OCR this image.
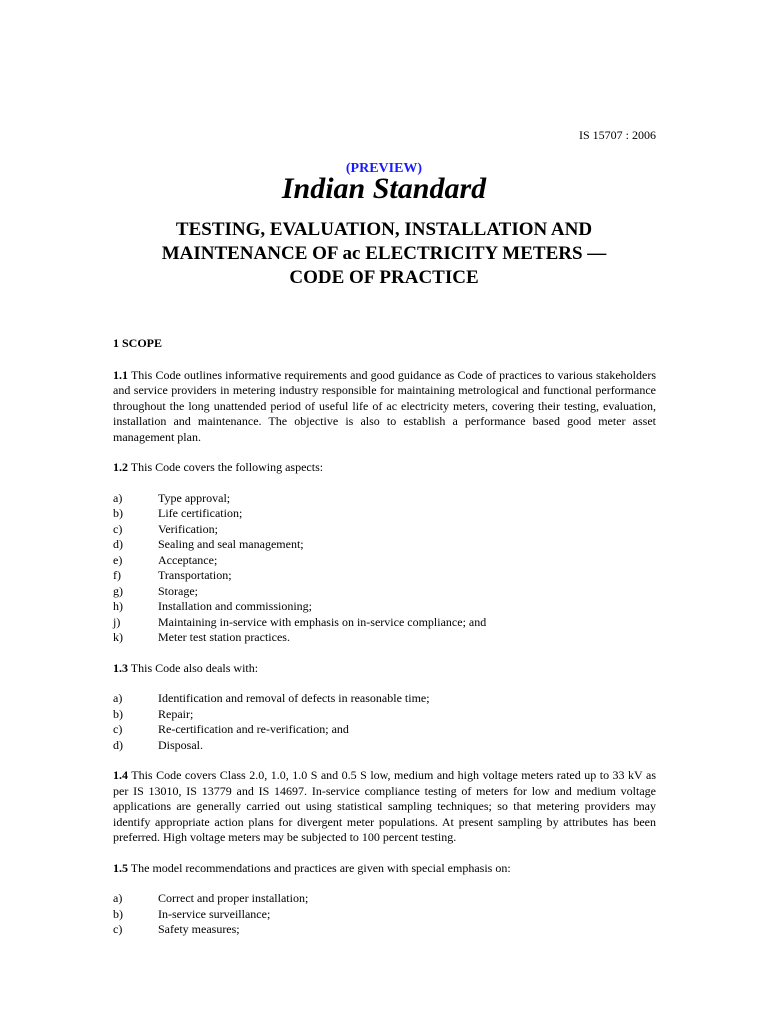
IS 15707 : 2006
(PREVIEW)
Indian Standard
TESTING, EVALUATION, INSTALLATION AND
MAINTENANCE OF ac ELECTRICITY METERS —
CODE OF PRACTICE
1 SCOPE

1.1 This Code outlines informative requirements and good guidance as Code of practices to various stakeholders and service providers in metering industry responsible for maintaining metrological and functional performance throughout the long unattended period of useful life of ac electricity meters, covering their testing, evaluation, installation and maintenance. The objective is also to establish a performance based good meter asset management plan.

1.2 This Code covers the following aspects:

a)	Type approval;
b)	Life certification;
c)	Verification;
d)	Sealing and seal management;
e)	Acceptance;
f)	Transportation;
g)	Storage;
h)	Installation and commissioning;
j)	Maintaining in-service with emphasis on in-service compliance; and
k)	Meter test station practices.

1.3 This Code also deals with:

a)	Identification and removal of defects in reasonable time;
b)	Repair;
c)	Re-certification and re-verification; and
d)	Disposal.

1.4 This Code covers Class 2.0, 1.0, 1.0 S and 0.5 S low, medium and high voltage meters rated up to 33 kV as per IS 13010, IS 13779 and IS 14697. In-service compliance testing of meters for low and medium voltage applications are generally carried out using statistical sampling techniques; so that metering providers may identify appropriate action plans for divergent meter populations. At present sampling by attributes has been preferred. High voltage meters may be subjected to 100 percent testing.

1.5 The model recommendations and practices are given with special emphasis on:

a)	Correct and proper installation;
b)	In-service surveillance;
c)	Safety measures;
